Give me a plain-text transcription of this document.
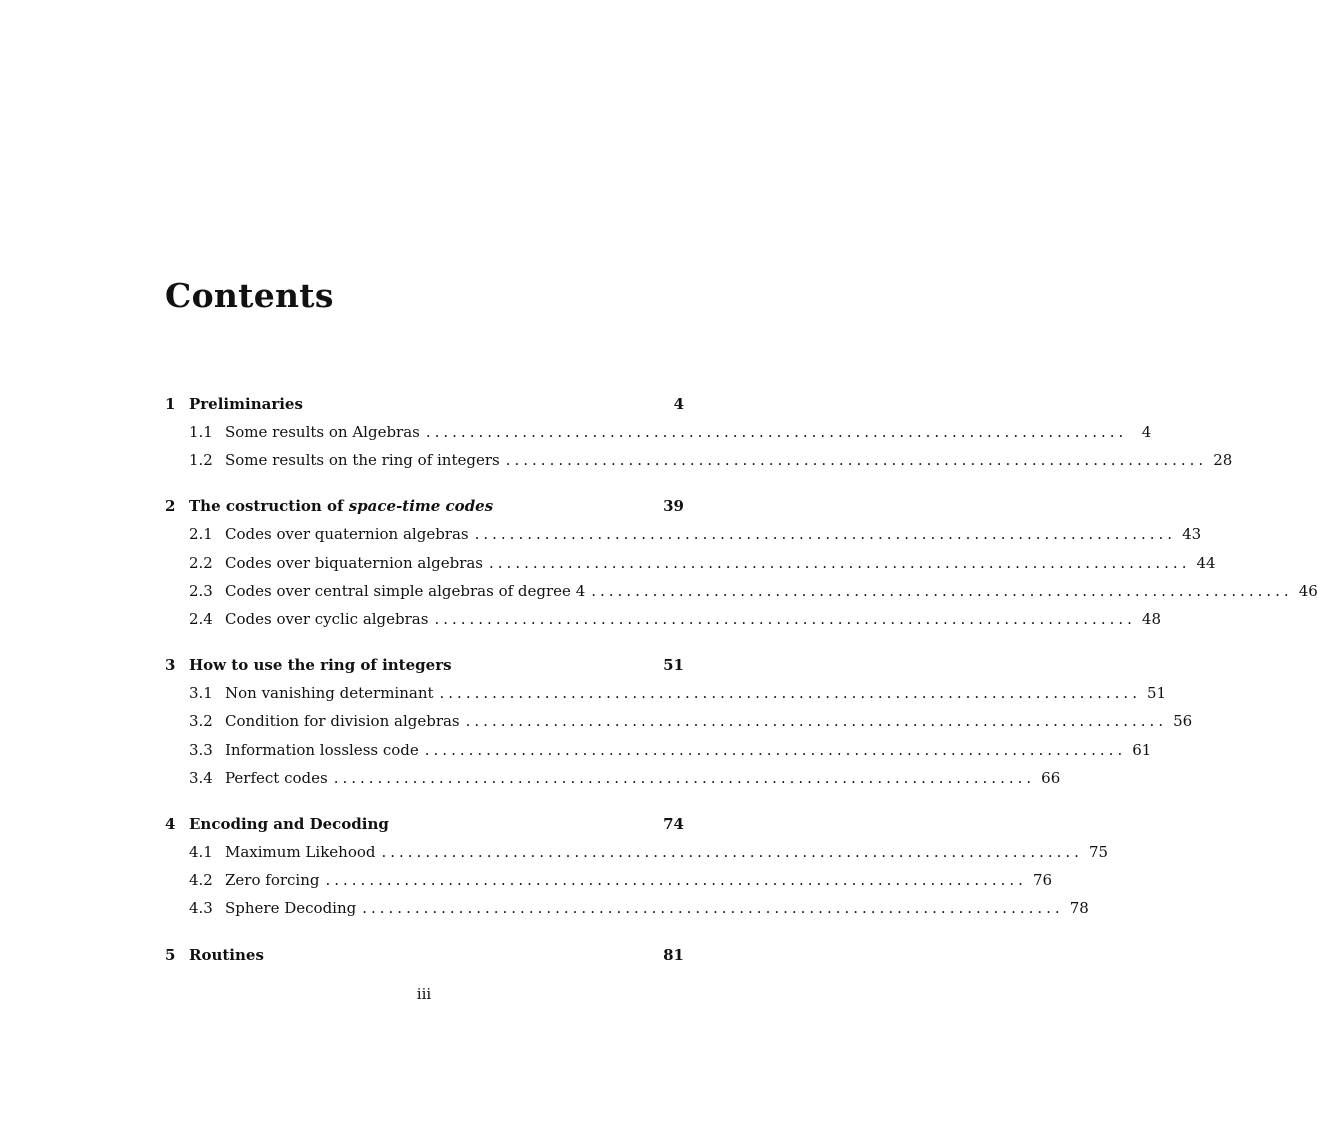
Contents
1 Preliminaries	4
1.1 Some results on Algebras ................................................................................ 4
1.2 Some results on the ring of integers ................................................................................ 28
2 The costruction of space-time codes	39
2.1 Codes over quaternion algebras ................................................................................ 43
2.2 Codes over biquaternion algebras ................................................................................ 44
2.3 Codes over central simple algebras of degree 4 ................................................................................ 46
2.4 Codes over cyclic algebras ................................................................................ 48
3 How to use the ring of integers	51
3.1 Non vanishing determinant ................................................................................ 51
3.2 Condition for division algebras ................................................................................ 56
3.3 Information lossless code ................................................................................ 61
3.4 Perfect codes ................................................................................ 66
4 Encoding and Decoding	74
4.1 Maximum Likehood ................................................................................ 75
4.2 Zero forcing ................................................................................ 76
4.3 Sphere Decoding ................................................................................ 78
5 Routines	81
iii
